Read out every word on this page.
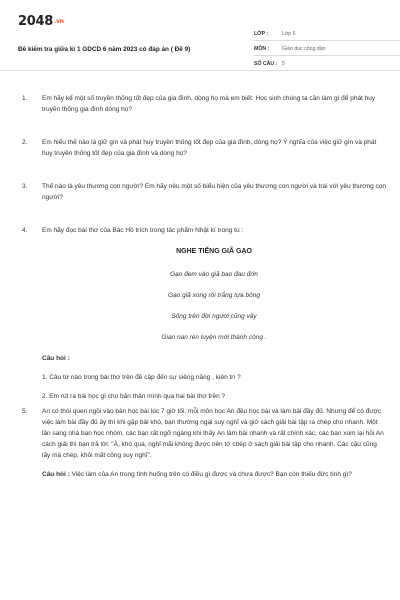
2048.vn
Đề kiểm tra giữa kì 1 GDCD 6 năm 2023 có đáp án ( Đề 9)
LỚP :	Lớp 6
MÔN :	Giáo dục công dân
SỐ CÂU : 5
1. Em hãy kể một số truyền thống tốt đẹp của gia đình, dòng họ mà em biết. Học sinh chúng ta cần làm gì để phát huy truyền thống gia đình dòng họ?
2. Em hiểu thế nào là giữ gìn và phát huy truyền thống tốt đẹp của gia đình, dòng họ? Ý nghĩa của việc giữ gìn và phát huy truyền thống tốt đẹp của gia đình và dòng họ?
3. Thế nào là yêu thương con người? Em hãy nêu một số biểu hiện của yêu thương con người và trái với yêu thương con người?
4. Em hãy đọc bài thơ của Bác Hồ trích trong tác phẩm Nhật kí trong tù :
NGHE TIẾNG GIÃ GẠO
Gạo đem vào giã bao đau đớn
Gạo giã xong rồi trắng tựa bông
Sống trên đời người cũng vậy
Gian nan rèn luyện mới thành công .
Câu hỏi :
1. Câu từ nào trong bài thơ trên đề cập đến sự siêng năng , kiên trì ?
2. Em rút ra bài học gì cho bản thân mình qua hai bài thơ trên ?
5. An có thói quen ngồi vào bàn học bài lúc 7 giờ tối, mỗi môn học An đều học bài và làm bài đầy đủ. Nhưng để có được việc làm bài đầy đủ ấy thì khi gặp bài khó, bạn thường ngại suy nghĩ và giở sách giải bài tập ra chép cho nhanh. Một lần sang nhà bạn học nhóm, các bạn rất ngỡ ngàng khi thấy An làm bài nhanh và rất chính xác, các bạn xúm lại hỏi An cách giải thì bạn trả lời: "À, khó quá, nghĩ mãi không được nên tớ chép ở sách giải bài tập cho nhanh. Các cậu cũng lấy mà chép, khỏi mất công suy nghĩ".
Câu hỏi : Việc làm của An trong tình huống trên có điều gì được và chưa được? Bạn còn thiếu đức tính gì?
